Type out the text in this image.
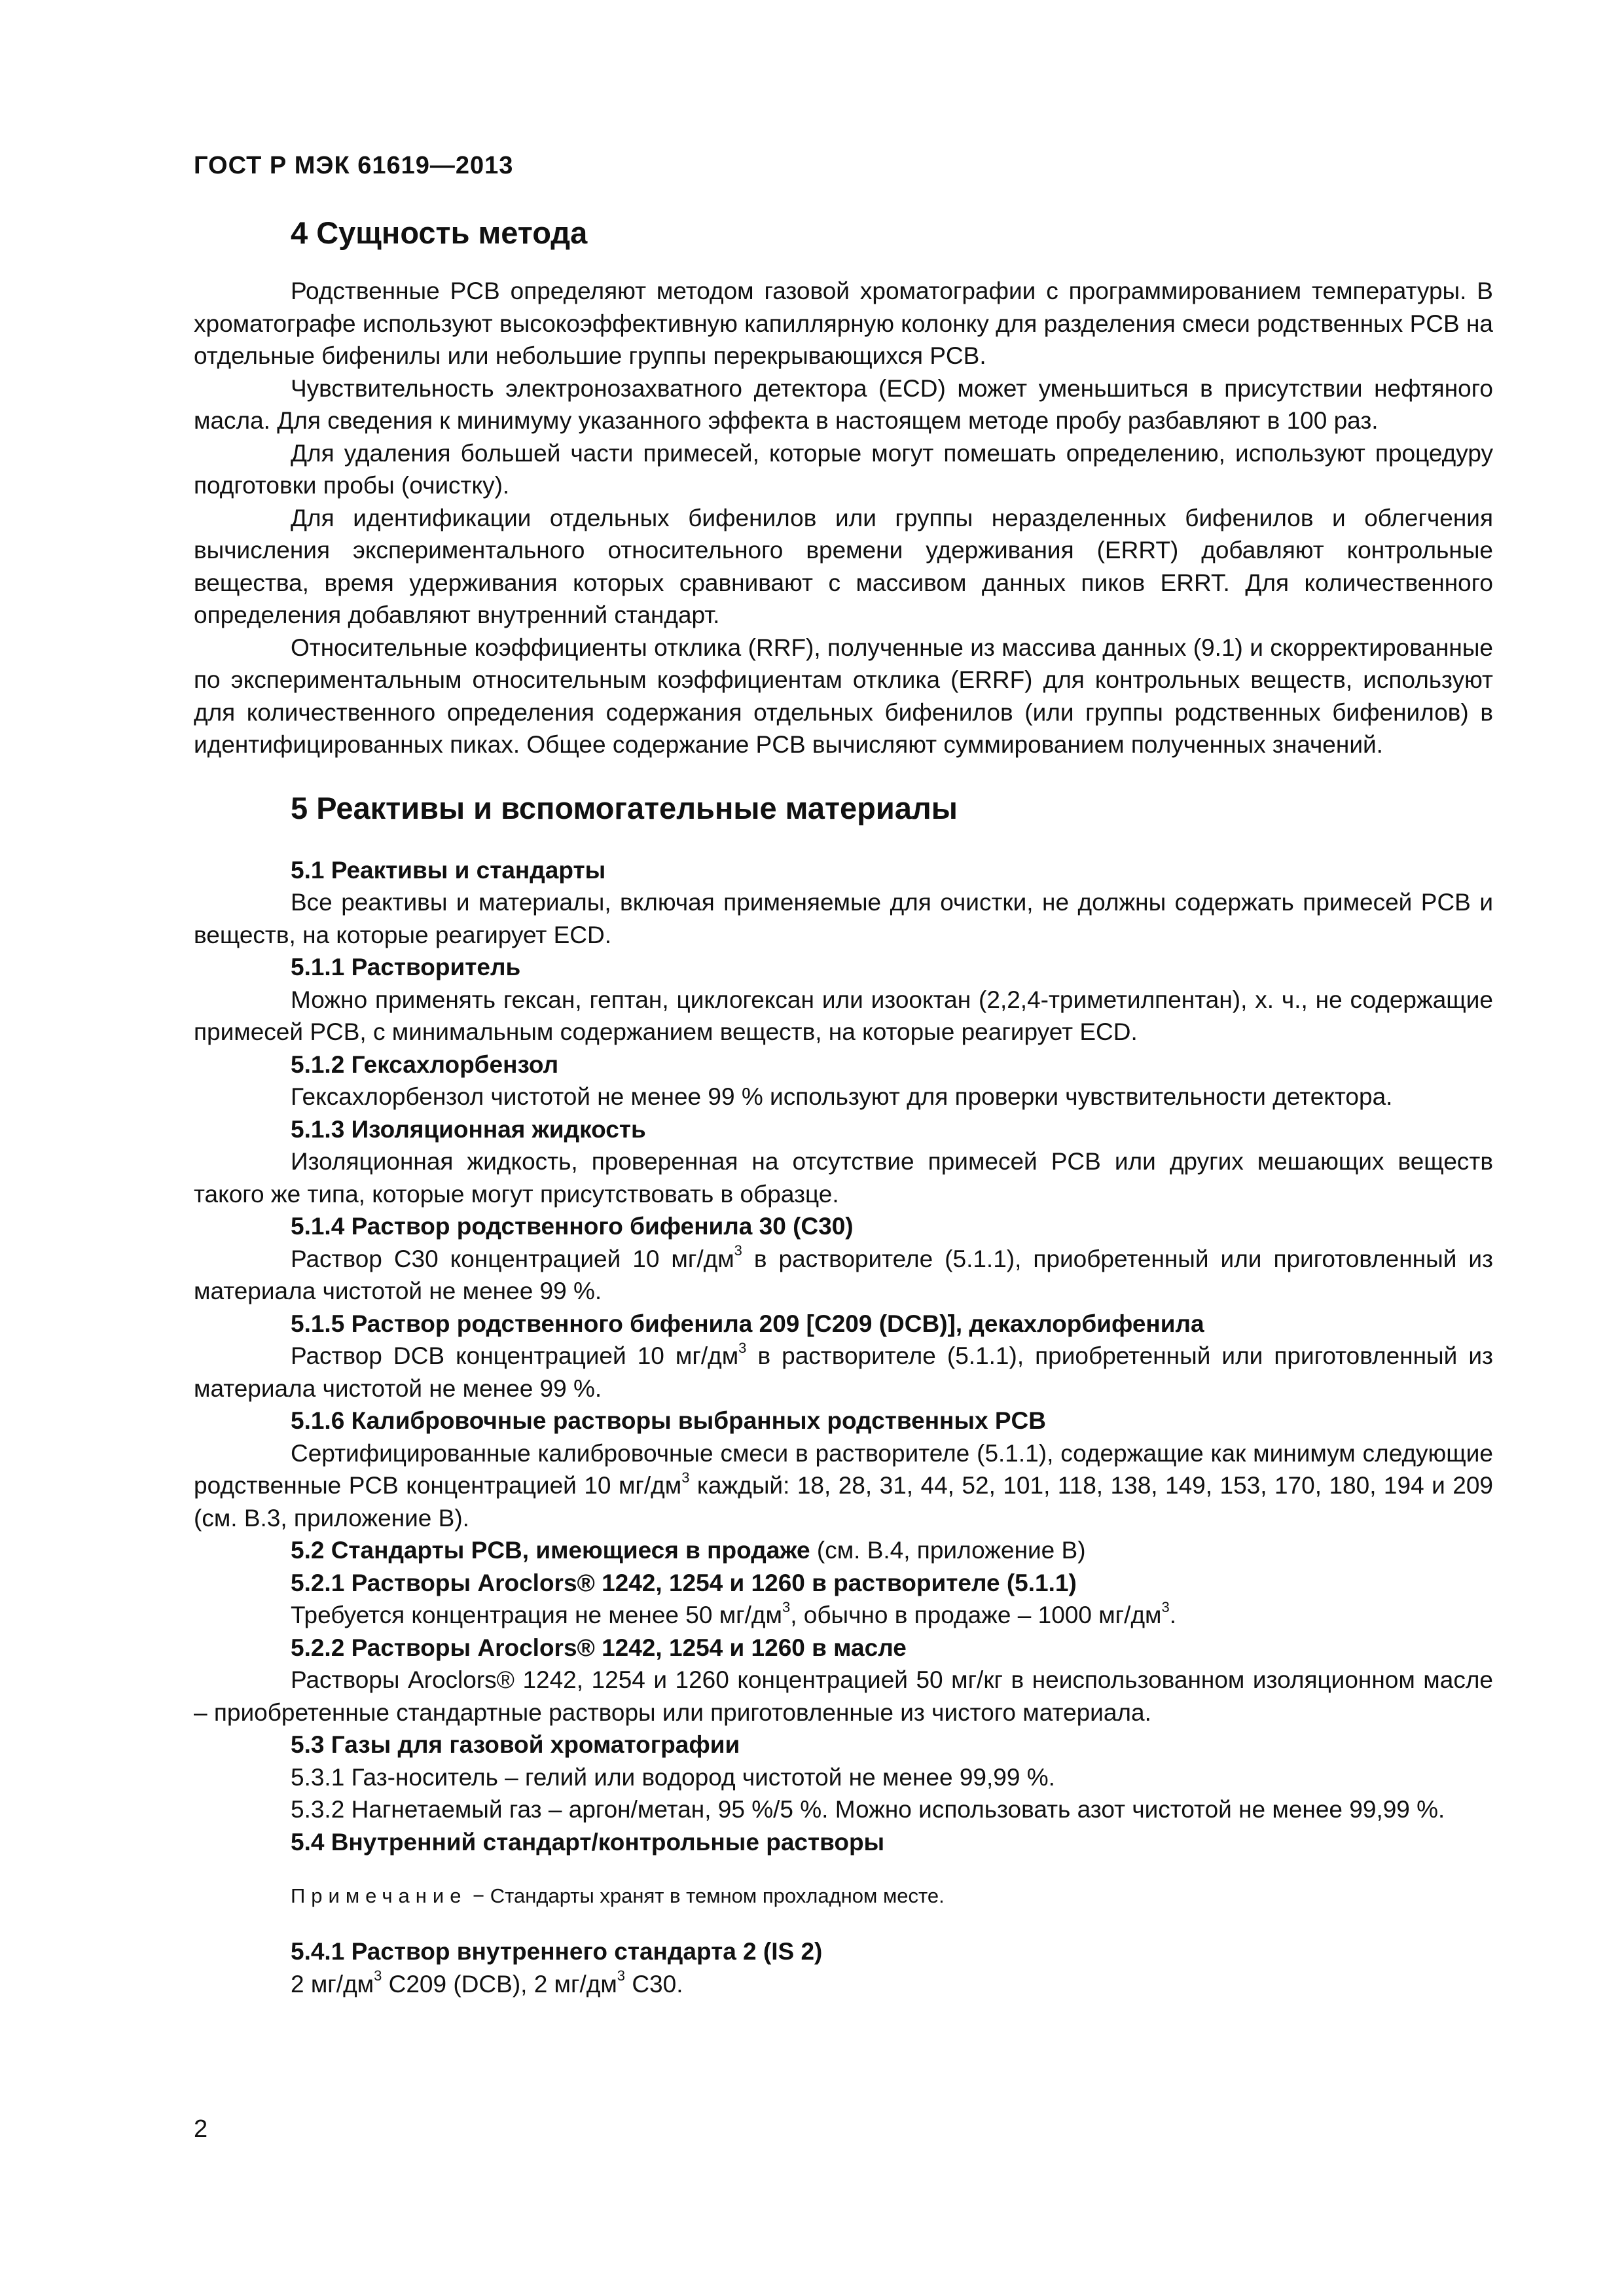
ГОСТ Р МЭК 61619—2013
4 Сущность метода

Родственные PCB определяют методом газовой хроматографии с программированием температуры. В хроматографе используют высокоэффективную капиллярную колонку для разделения смеси родственных PCB на отдельные бифенилы или небольшие группы перекрывающихся PCB.

Чувствительность электронозахватного детектора (ECD) может уменьшиться в присутствии нефтяного масла. Для сведения к минимуму указанного эффекта в настоящем методе пробу разбавляют в 100 раз.

Для удаления большей части примесей, которые могут помешать определению, используют процедуру подготовки пробы (очистку).

Для идентификации отдельных бифенилов или группы неразделенных бифенилов и облегчения вычисления экспериментального относительного времени удерживания (ERRT) добавляют контрольные вещества, время удерживания которых сравнивают с массивом данных пиков ERRT. Для количественного определения добавляют внутренний стандарт.

Относительные коэффициенты отклика (RRF), полученные из массива данных (9.1) и скорректированные по экспериментальным относительным коэффициентам отклика (ERRF) для контрольных веществ, используют для количественного определения содержания отдельных бифенилов (или группы родственных бифенилов) в идентифицированных пиках. Общее содержание PCB вычисляют суммированием полученных значений.

5 Реактивы и вспомогательные материалы
5.1 Реактивы и стандарты

Все реактивы и материалы, включая применяемые для очистки, не должны содержать примесей PCB и веществ, на которые реагирует ECD.

5.1.1 Растворитель

Можно применять гексан, гептан, циклогексан или изооктан (2,2,4-триметилпентан), х. ч., не содержащие примесей PCB, с минимальным содержанием веществ, на которые реагирует ECD.

5.1.2 Гексахлорбензол

Гексахлорбензол чистотой не менее 99 % используют для проверки чувствительности детектора.

5.1.3 Изоляционная жидкость

Изоляционная жидкость, проверенная на отсутствие примесей PCB или других мешающих веществ такого же типа, которые могут присутствовать в образце.

5.1.4 Раствор родственного бифенила 30 (C30)

Раствор C30 концентрацией 10 $мг/дм^3$ в растворителе (5.1.1), приобретенный или приготовленный из материала чистотой не менее 99 %.

5.1.5 Раствор родственного бифенила 209 [C209 (DCB)], декахлорбифенила

Раствор DCB концентрацией 10 $мг/дм^3$ в растворителе (5.1.1), приобретенный или приготовленный из материала чистотой не менее 99 %.

5.1.6 Калибровочные растворы выбранных родственных PCB

Сертифицированные калибровочные смеси в растворителе (5.1.1), содержащие как минимум следующие родственные PCB концентрацией 10 $мг/дм^3$ каждый: 18, 28, 31, 44, 52, 101, 118, 138, 149, 153, 170, 180, 194 и 209 (см. В.3, приложение В).

5.2 Стандарты PCB, имеющиеся в продаже (см. В.4, приложение В)
5.2.1 Растворы Aroclors® 1242, 1254 и 1260 в растворителе (5.1.1)

Требуется концентрация не менее 50 $мг/дм^3$, обычно в продаже – 1000 $мг/дм^3$.

5.2.2 Растворы Aroclors® 1242, 1254 и 1260 в масле

Растворы Aroclors® 1242, 1254 и 1260 концентрацией 50 мг/кг в неиспользованном изоляционном масле – приобретенные стандартные растворы или приготовленные из чистого материала.

5.3 Газы для газовой хроматографии

5.3.1 Газ-носитель – гелий или водород чистотой не менее 99,99 %.

5.3.2 Нагнетаемый газ – аргон/метан, 95 %/5 %. Можно использовать азот чистотой не менее 99,99 %.

5.4 Внутренний стандарт/контрольные растворы
Примечание − Стандарты хранят в темном прохладном месте.
5.4.1 Раствор внутреннего стандарта 2 (IS 2)

2 $мг/дм^3$ C209 (DCB), 2 $мг/дм^3$ C30.

2
